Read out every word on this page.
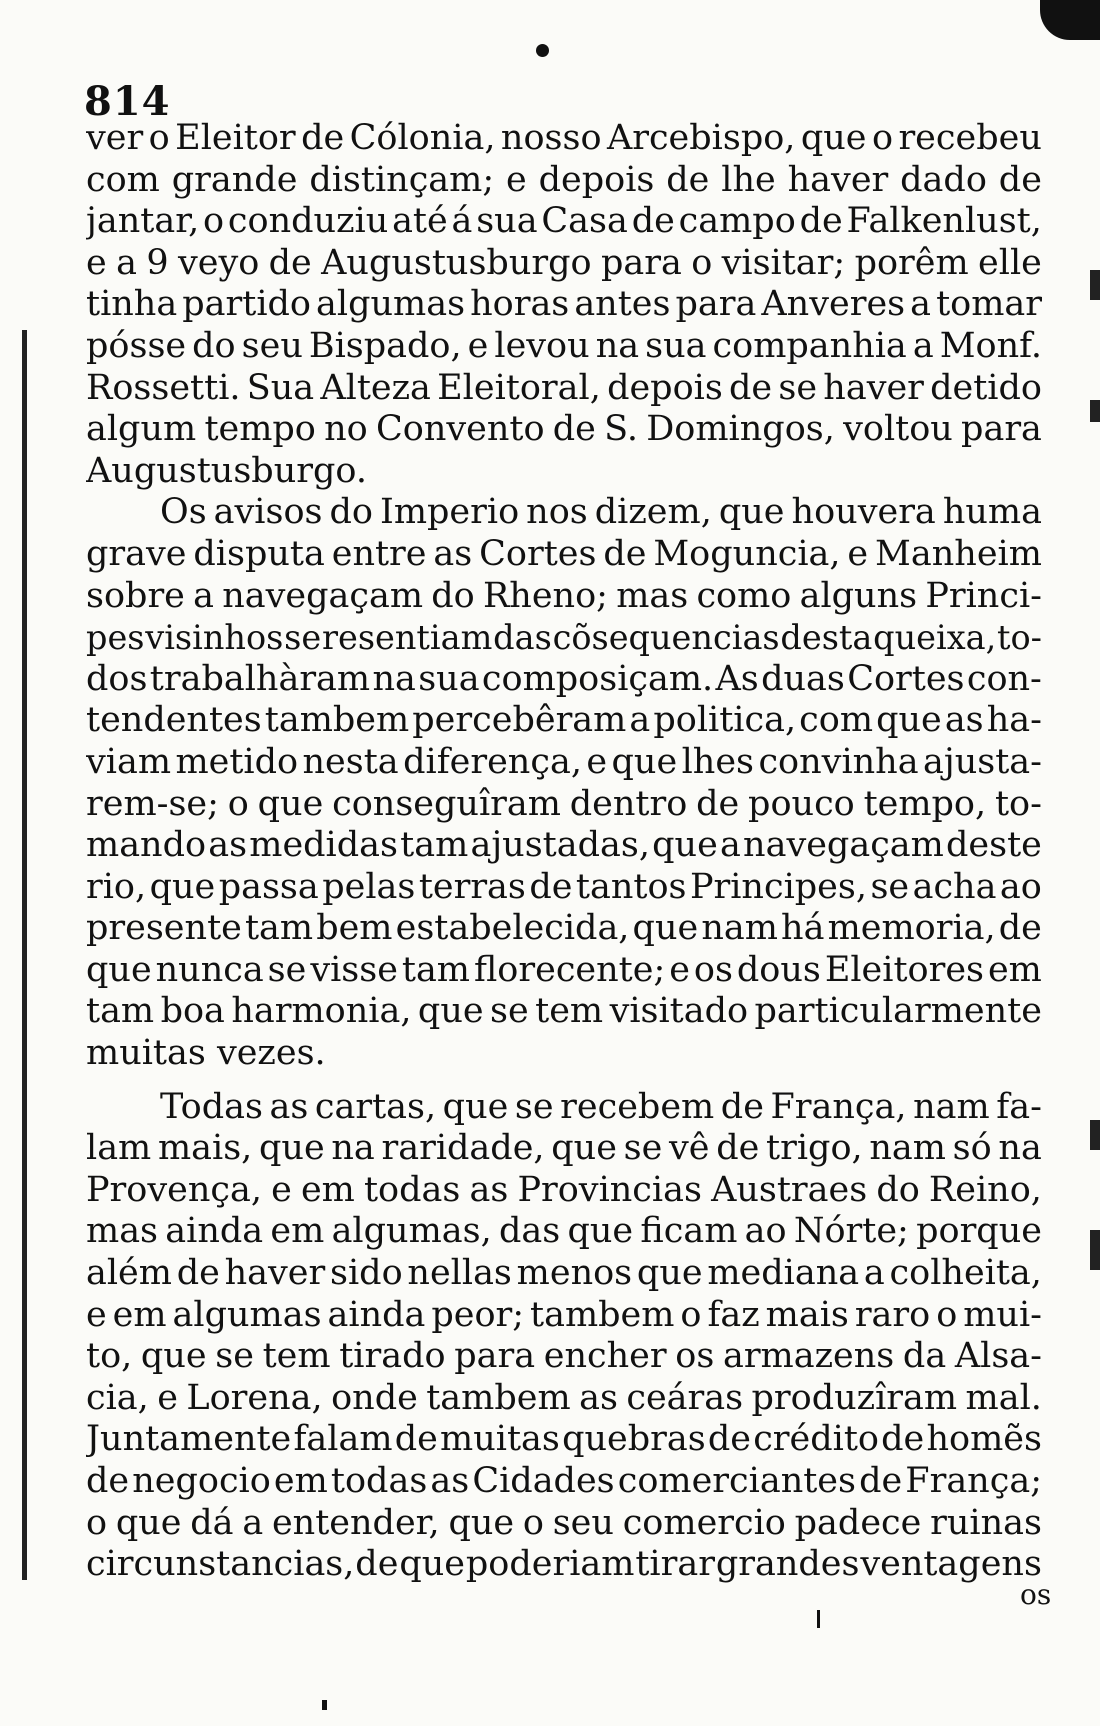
814
ver o Eleitor de Cólonia, nosso Arcebispo, que o recebeu
com grande distinçam; e depois de lhe haver dado de
jantar, o conduziu até á sua Casa de campo de Falkenlust,
e a 9 veyo de Augustusburgo para o visitar; porêm elle
tinha partido algumas horas antes para Anveres a tomar
pósse do seu Bispado, e levou na sua companhia a Monf.
Rossetti. Sua Alteza Eleitoral, depois de se haver detido
algum tempo no Convento de S. Domingos, voltou para
Augustusburgo.
Os avisos do Imperio nos dizem, que houvera huma
grave disputa entre as Cortes de Moguncia, e Manheim
sobre a navegaçam do Rheno; mas como alguns Princi-
pes visinhos se resentiam das cõsequencias desta queixa, to-
dos trabalhàram na sua composiçam. As duas Cortes con-
tendentes tambem percebêram a politica, com que as ha-
viam metido nesta diferença, e que lhes convinha ajusta-
rem-se; o que conseguîram dentro de pouco tempo, to-
mando as medidas tam ajustadas, que a navegaçam deste
rio, que passa pelas terras de tantos Principes, se acha ao
presente tam bem estabelecida, que nam há memoria, de
que nunca se visse tam florecente; e os dous Eleitores em
tam boa harmonia, que se tem visitado particularmente
muitas vezes.
Todas as cartas, que se recebem de França, nam fa-
lam mais, que na raridade, que se vê de trigo, nam só na
Provença, e em todas as Provincias Austraes do Reino,
mas ainda em algumas, das que ficam ao Nórte; porque
além de haver sido nellas menos que mediana a colheita,
e em algumas ainda peor; tambem o faz mais raro o mui-
to, que se tem tirado para encher os armazens da Alsa-
cia, e Lorena, onde tambem as ceáras produzîram mal.
Juntamente falam de muitas quebras de crédito de homẽs
de negocio em todas as Cidades comerciantes de França;
o que dá a entender, que o seu comercio padece ruinas
circunstancias, de que poderiam tirar grandes ventagens
os
